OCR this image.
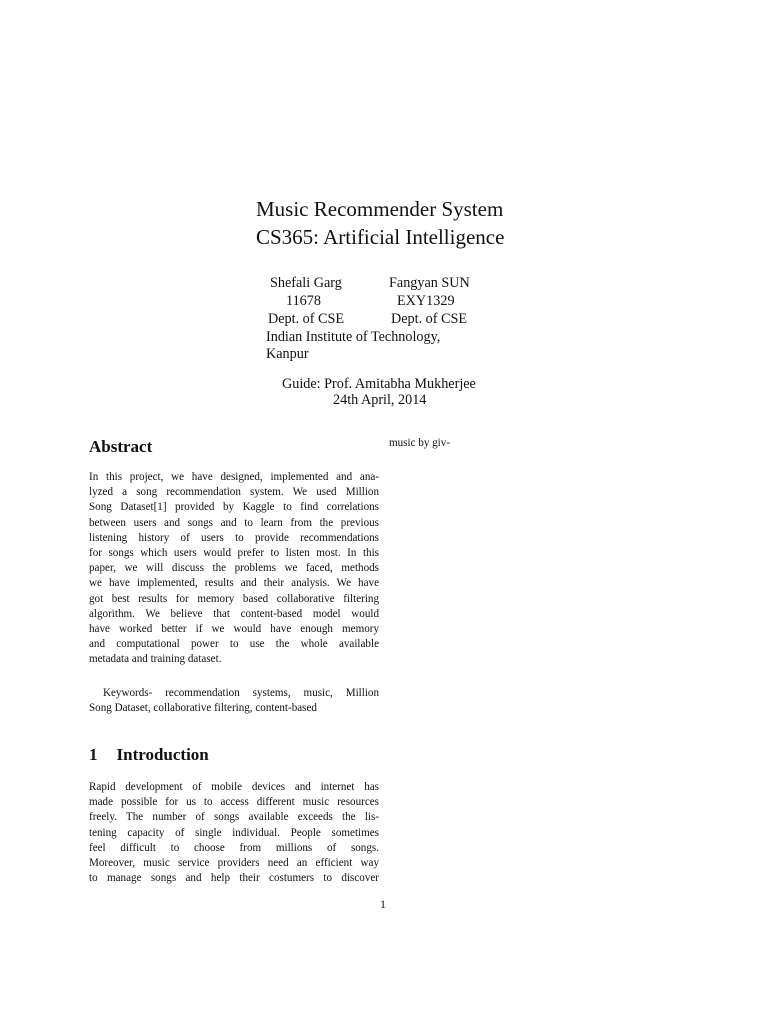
Music Recommender System
CS365: Artificial Intelligence
Shefali Garg	Fangyan SUN
11678	EXY1329
Dept. of CSE	Dept. of CSE
Indian Institute of Technology,
Kanpur
Guide: Prof. Amitabha Mukherjee
24th April, 2014
music by giv-
Abstract
In this project, we have designed, implemented and ana-
lyzed a song recommendation system. We used Million
Song Dataset[1] provided by Kaggle to find correlations
between users and songs and to learn from the previous
listening history of users to provide recommendations
for songs which users would prefer to listen most. In this
paper, we will discuss the problems we faced, methods
we have implemented, results and their analysis. We have
got best results for memory based collaborative filtering
algorithm. We believe that content-based model would
have worked better if we would have enough memory
and computational power to use the whole available
metadata and training dataset.
Keywords- recommendation systems, music, Million
Song Dataset, collaborative filtering, content-based
1 Introduction
Rapid development of mobile devices and internet has
made possible for us to access different music resources
freely. The number of songs available exceeds the lis-
tening capacity of single individual. People sometimes
feel difficult to choose from millions of songs.
Moreover, music service providers need an efficient way
to manage songs and help their costumers to discover
1
